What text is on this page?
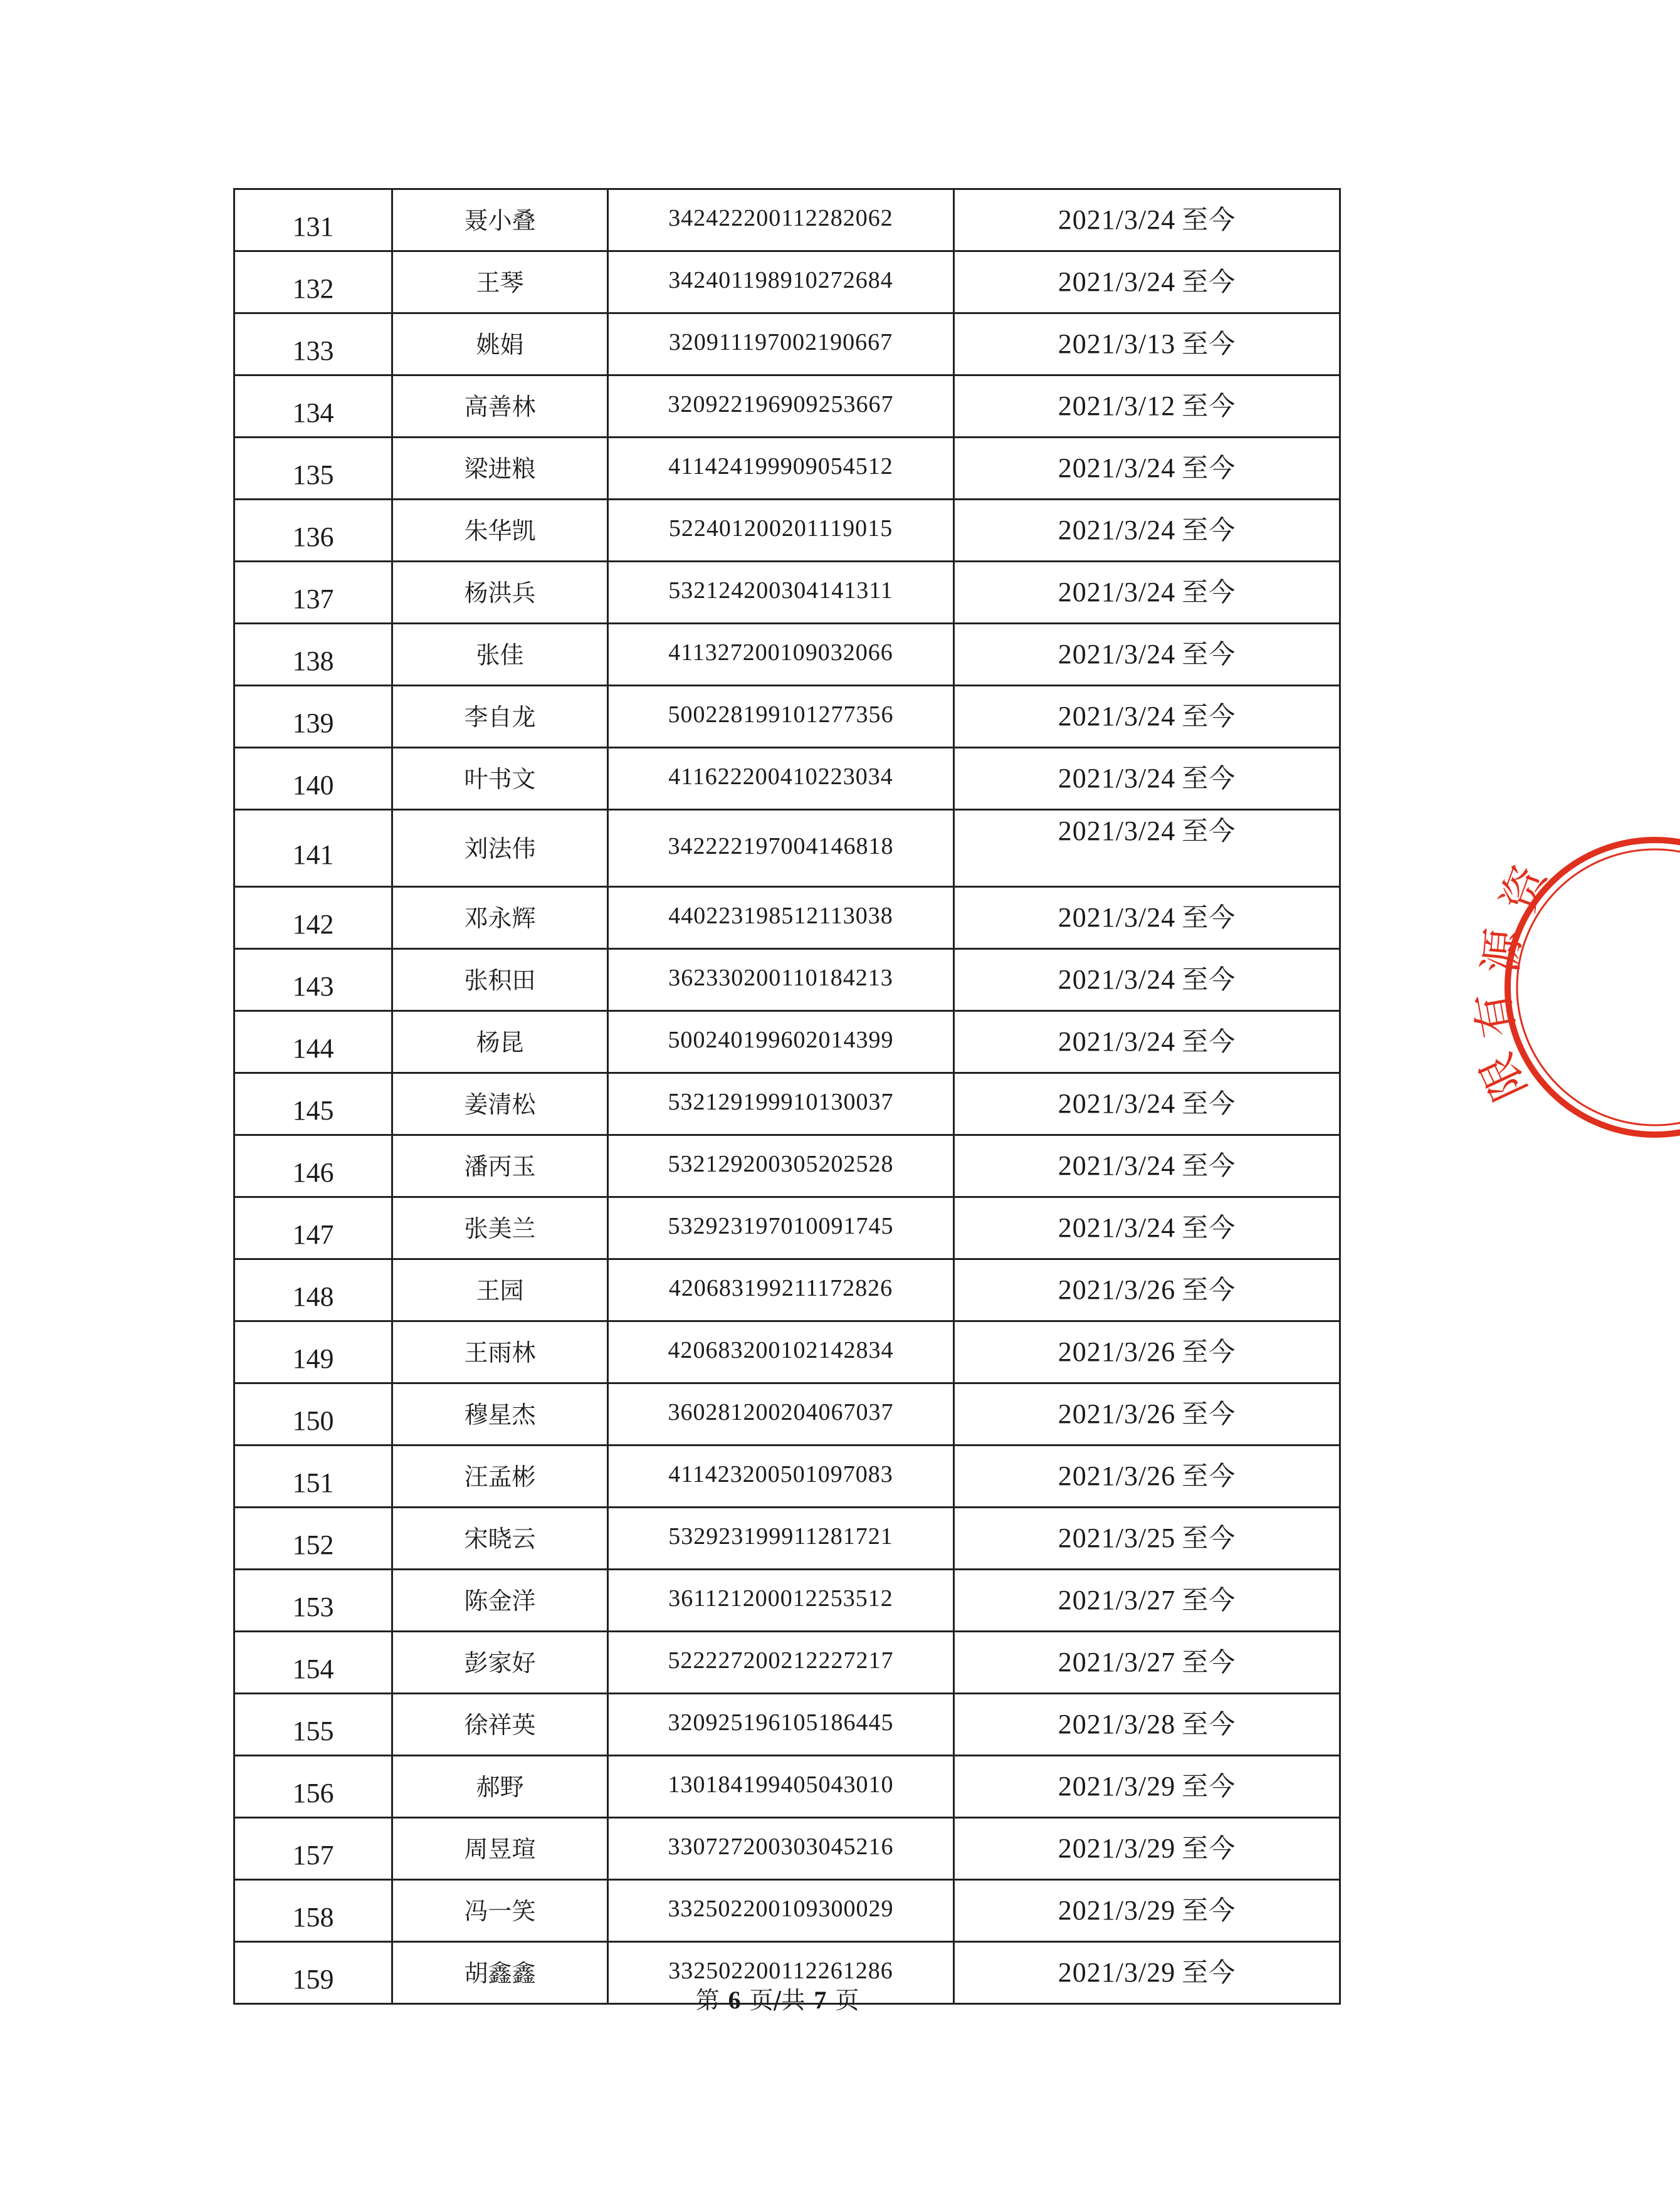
131	聂小叠	342422200112282062	2021/3/24 至今
132	王琴	342401198910272684	2021/3/24 至今
133	姚娟	320911197002190667	2021/3/13 至今
134	高善林	320922196909253667	2021/3/12 至今
135	梁进粮	411424199909054512	2021/3/24 至今
136	朱华凯	522401200201119015	2021/3/24 至今
137	杨洪兵	532124200304141311	2021/3/24 至今
138	张佳	411327200109032066	2021/3/24 至今
139	李自龙	500228199101277356	2021/3/24 至今
140	叶书文	411622200410223034	2021/3/24 至今
141	刘法伟	342222197004146818	2021/3/24 至今
142	邓永辉	440223198512113038	2021/3/24 至今
143	张积田	362330200110184213	2021/3/24 至今
144	杨昆	500240199602014399	2021/3/24 至今
145	姜清松	532129199910130037	2021/3/24 至今
146	潘丙玉	532129200305202528	2021/3/24 至今
147	张美兰	532923197010091745	2021/3/24 至今
148	王园	420683199211172826	2021/3/26 至今
149	王雨林	420683200102142834	2021/3/26 至今
150	穆星杰	360281200204067037	2021/3/26 至今
151	汪孟彬	411423200501097083	2021/3/26 至今
152	宋晓云	532923199911281721	2021/3/25 至今
153	陈金洋	361121200012253512	2021/3/27 至今
154	彭家好	522227200212227217	2021/3/27 至今
155	徐祥英	320925196105186445	2021/3/28 至今
156	郝野	130184199405043010	2021/3/29 至今
157	周昱瑄	330727200303045216	2021/3/29 至今
158	冯一笑	332502200109300029	2021/3/29 至今
159	胡鑫鑫	332502200112261286	2021/3/29 至今
第 6 页/共 7 页
资
源
有
限
